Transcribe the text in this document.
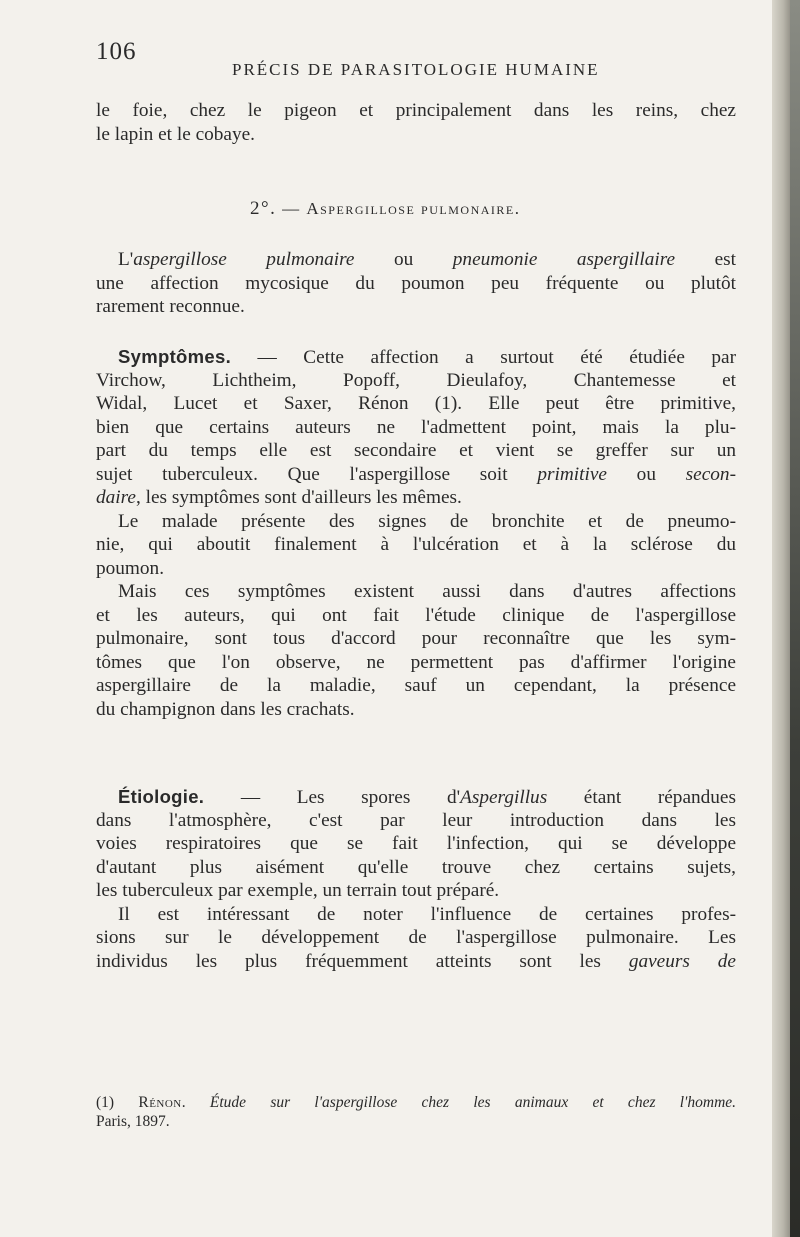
106
PRÉCIS DE PARASITOLOGIE HUMAINE
le foie, chez le pigeon et principalement dans les reins, chez
le lapin et le cobaye.
2°. — Aspergillose pulmonaire.
L'aspergillose pulmonaire ou pneumonie aspergillaire est
une affection mycosique du poumon peu fréquente ou plutôt
rarement reconnue.
Symptômes. — Cette affection a surtout été étudiée par
Virchow, Lichtheim, Popoff, Dieulafoy, Chantemesse et
Widal, Lucet et Saxer, Rénon (1). Elle peut être primitive,
bien que certains auteurs ne l'admettent point, mais la plu-
part du temps elle est secondaire et vient se greffer sur un
sujet tuberculeux. Que l'aspergillose soit primitive ou secon-
daire, les symptômes sont d'ailleurs les mêmes.
Le malade présente des signes de bronchite et de pneumo-
nie, qui aboutit finalement à l'ulcération et à la sclérose du
poumon.
Mais ces symptômes existent aussi dans d'autres affections
et les auteurs, qui ont fait l'étude clinique de l'aspergillose
pulmonaire, sont tous d'accord pour reconnaître que les sym-
tômes que l'on observe, ne permettent pas d'affirmer l'origine
aspergillaire de la maladie, sauf un cependant, la présence
du champignon dans les crachats.
Étiologie. — Les spores d'Aspergillus étant répandues
dans l'atmosphère, c'est par leur introduction dans les
voies respiratoires que se fait l'infection, qui se développe
d'autant plus aisément qu'elle trouve chez certains sujets,
les tuberculeux par exemple, un terrain tout préparé.
Il est intéressant de noter l'influence de certaines profes-
sions sur le développement de l'aspergillose pulmonaire. Les
individus les plus fréquemment atteints sont les gaveurs de
(1) Rénon. Étude sur l'aspergillose chez les animaux et chez l'homme.
Paris, 1897.
